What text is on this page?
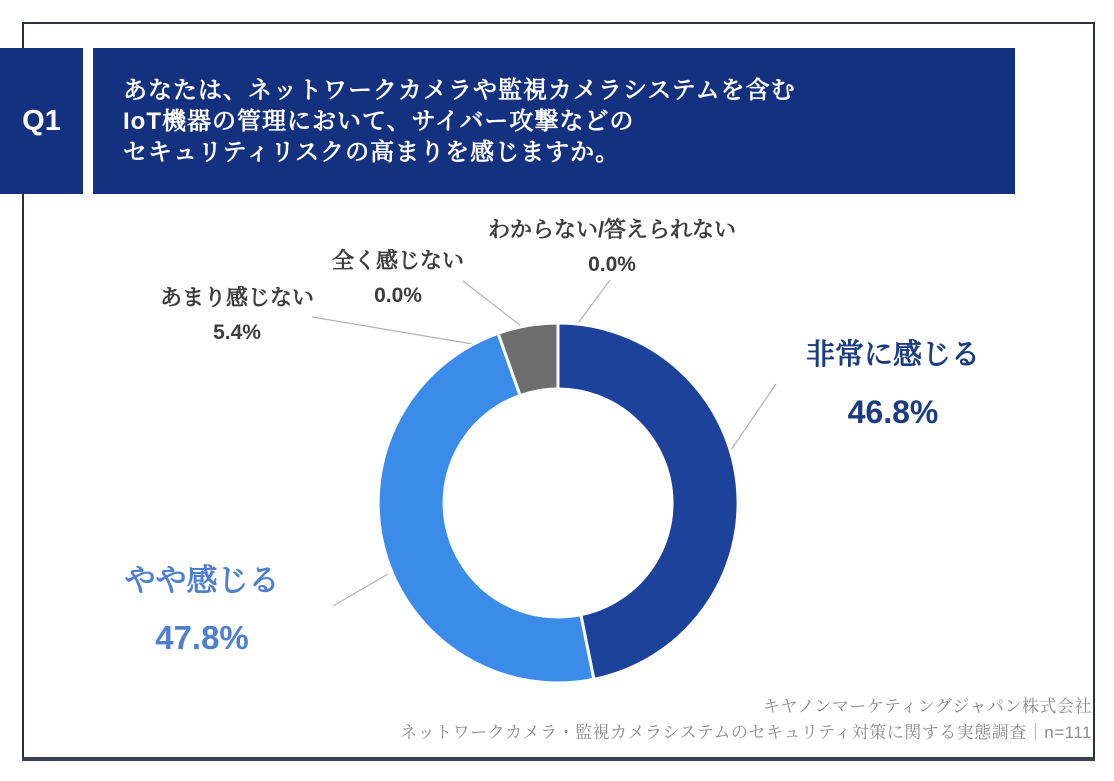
Q1
あなたは、ネットワークカメラや監視カメラシステムを含む
IoT機器の管理において、サイバー攻撃などの
セキュリティリスクの高まりを感じますか。
非常に感じる
46.8%
やや感じる
47.8%
あまり感じない
5.4%
全く感じない
0.0%
わからない/答えられない
0.0%
キヤノンマーケティングジャパン株式会社
ネットワークカメラ・監視カメラシステムのセキュリティ対策に関する実態調査｜n=111
